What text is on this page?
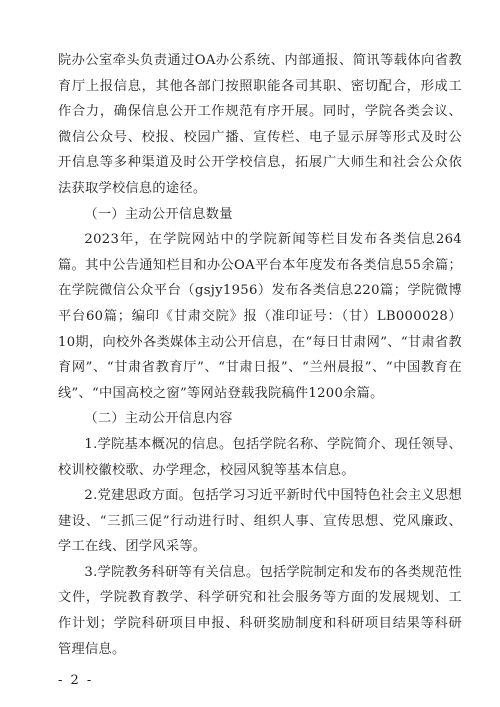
院办公室牵头负责通过OA办公系统、内部通报、简讯等载体向省教育厅上报信息，其他各部门按照职能各司其职、密切配合，形成工作合力，确保信息公开工作规范有序开展。同时，学院各类会议、微信公众号、校报、校园广播、宣传栏、电子显示屏等形式及时公开信息等多种渠道及时公开学校信息，拓展广大师生和社会公众依法获取学校信息的途径。

（一）主动公开信息数量

2023年，在学院网站中的学院新闻等栏目发布各类信息264篇。其中公告通知栏目和办公OA平台本年度发布各类信息55余篇；在学院微信公众平台（gsjy1956）发布各类信息220篇；学院微博平台60篇；编印《甘肃交院》报（准印证号：（甘）LB000028）10期，向校外各类媒体主动公开信息，在“每日甘肃网”、“甘肃省教育网”、“甘肃省教育厅”、“甘肃日报”、“兰州晨报”、“中国教育在线”、“中国高校之窗”等网站登载我院稿件1200余篇。

（二）主动公开信息内容

1.学院基本概况的信息。包括学院名称、学院简介、现任领导、校训校徽校歌、办学理念，校园风貌等基本信息。

2.党建思政方面。包括学习习近平新时代中国特色社会主义思想建设、“三抓三促”行动进行时、组织人事、宣传思想、党风廉政、学工在线、团学风采等。

3.学院教务科研等有关信息。包括学院制定和发布的各类规范性文件，学院教育教学、科学研究和社会服务等方面的发展规划、工作计划；学院科研项目申报、科研奖励制度和科研项目结果等科研管理信息。

- 2 -
